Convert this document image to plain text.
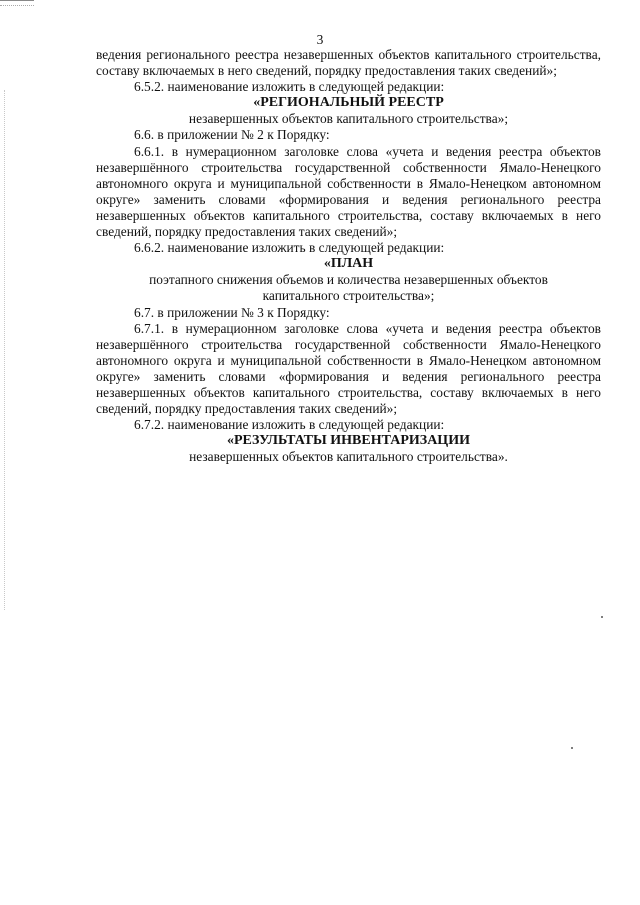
3

ведения регионального реестра незавершенных объектов капитального строительства, составу включаемых в него сведений, порядку предоставления таких сведений»;

6.5.2. наименование изложить в следующей редакции:

«РЕГИОНАЛЬНЫЙ РЕЕСТР

незавершенных объектов капитального строительства»;

6.6. в приложении № 2 к Порядку:

6.6.1. в нумерационном заголовке слова «учета и ведения реестра объектов незавершённого строительства государственной собственности Ямало-Ненецкого автономного округа и муниципальной собственности в Ямало-Ненецком автономном округе» заменить словами «формирования и ведения регионального реестра незавершенных объектов капитального строительства, составу включаемых в него сведений, порядку предоставления таких сведений»;

6.6.2. наименование изложить в следующей редакции:

«ПЛАН

поэтапного снижения объемов и количества незавершенных объектов

капитального строительства»;

6.7. в приложении № 3 к Порядку:

6.7.1. в нумерационном заголовке слова «учета и ведения реестра объектов незавершённого строительства государственной собственности Ямало-Ненецкого автономного округа и муниципальной собственности в Ямало-Ненецком автономном округе» заменить словами «формирования и ведения регионального реестра незавершенных объектов капитального строительства, составу включаемых в него сведений, порядку предоставления таких сведений»;

6.7.2. наименование изложить в следующей редакции:

«РЕЗУЛЬТАТЫ ИНВЕНТАРИЗАЦИИ

незавершенных объектов капитального строительства».
